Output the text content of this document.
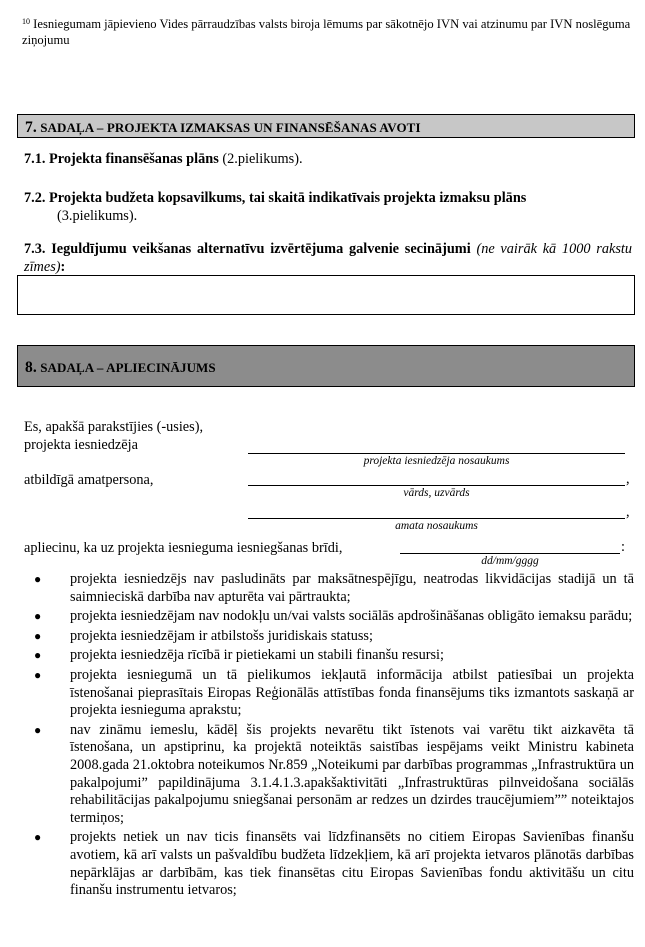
$^{10}$ Iesniegumam jāpievieno Vides pārraudzības valsts biroja lēmums par sākotnējo IVN vai atzinumu par IVN noslēguma ziņojumu
7. SADAĻA – PROJEKTA IZMAKSAS UN FINANSĒŠANAS AVOTI
7.1. Projekta finansēšanas plāns (2.pielikums).
7.2. Projekta budžeta kopsavilkums, tai skaitā indikatīvais projekta izmaksu plāns
(3.pielikums).
7.3. Ieguldījumu veikšanas alternatīvu izvērtējuma galvenie secinājumi (ne vairāk kā 1000 rakstu zīmes):
8. SADAĻA – APLIECINĀJUMS
Es, apakšā parakstījies (-usies),
projekta iesniedzēja
projekta iesniedzēja nosaukums
atbildīgā amatpersona,	,
vārds, uzvārds
,
amata nosaukums
apliecinu, ka uz projekta iesnieguma iesniegšanas brīdi,	:
dd/mm/gggg
● projekta iesniedzējs nav pasludināts par maksātnespējīgu, neatrodas likvidācijas stadijā un tā saimnieciskā darbība nav apturēta vai pārtraukta;
● projekta iesniedzējam nav nodokļu un/vai valsts sociālās apdrošināšanas obligāto iemaksu parādu;
● projekta iesniedzējam ir atbilstošs juridiskais statuss;
● projekta iesniedzēja rīcībā ir pietiekami un stabili finanšu resursi;
● projekta iesniegumā un tā pielikumos iekļautā informācija atbilst patiesībai un projekta īstenošanai pieprasītais Eiropas Reģionālās attīstības fonda finansējums tiks izmantots saskaņā ar projekta iesnieguma aprakstu;
● nav zināmu iemeslu, kādēļ šis projekts nevarētu tikt īstenots vai varētu tikt aizkavēta tā īstenošana, un apstiprinu, ka projektā noteiktās saistības iespējams veikt Ministru kabineta 2008.gada 21.oktobra noteikumos Nr.859 „Noteikumi par darbības programmas „Infrastruktūra un pakalpojumi” papildinājuma 3.1.4.1.3.apakšaktivitāti „Infrastruktūras pilnveidošana sociālās rehabilitācijas pakalpojumu sniegšanai personām ar redzes un dzirdes traucējumiem”” noteiktajos termiņos;
● projekts netiek un nav ticis finansēts vai līdzfinansēts no citiem Eiropas Savienības finanšu avotiem, kā arī valsts un pašvaldību budžeta līdzekļiem, kā arī projekta ietvaros plānotās darbības nepārklājas ar darbībām, kas tiek finansētas citu Eiropas Savienības fondu aktivitāšu un citu finanšu instrumentu ietvaros;
